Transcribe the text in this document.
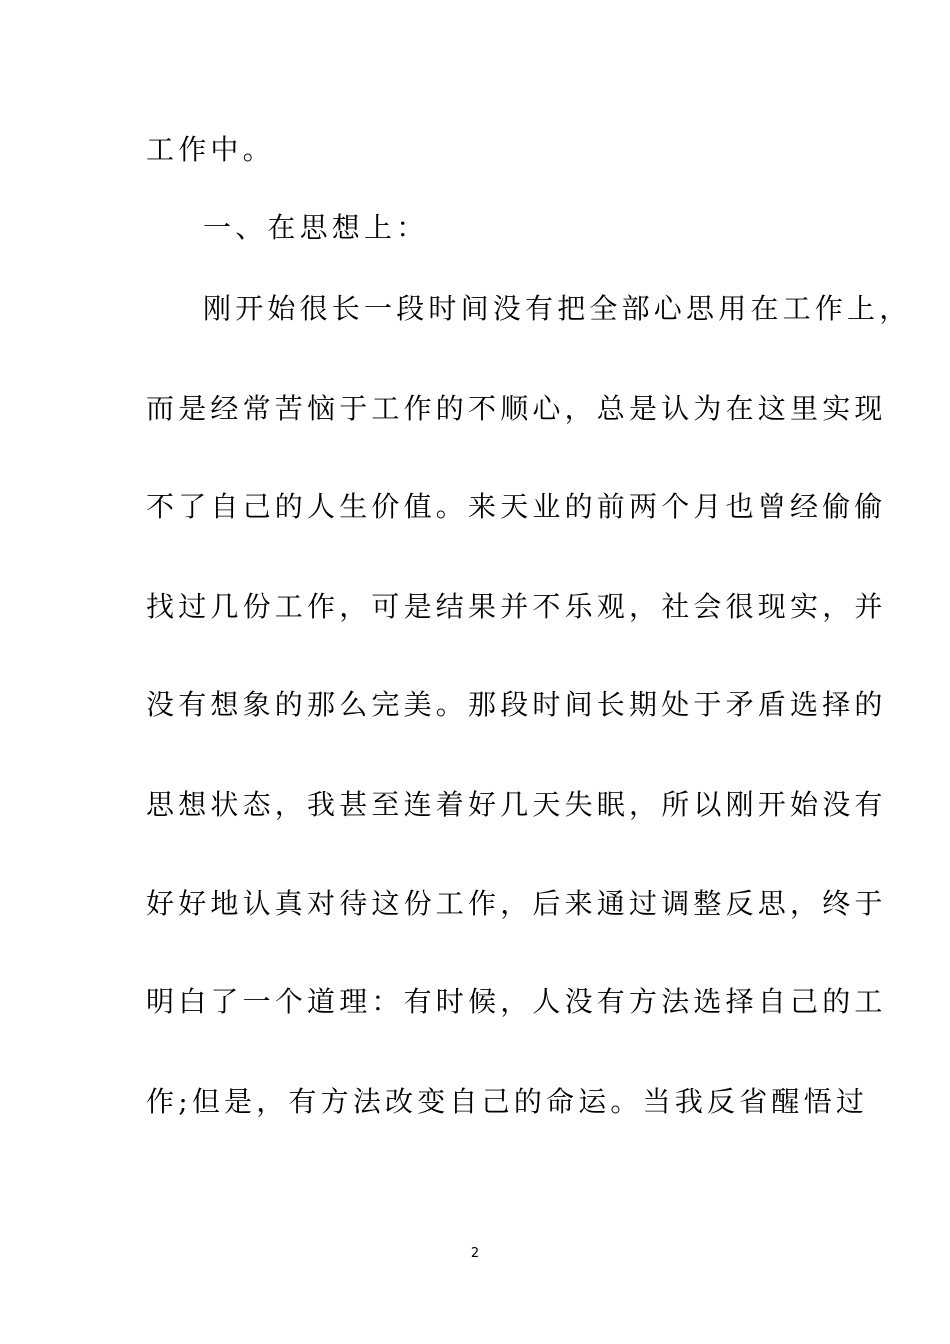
工作中。
一、在思想上：
刚开始很长一段时间没有把全部心思用在工作上，
而是经常苦恼于工作的不顺心，总是认为在这里实现
不了自己的人生价值。来天业的前两个月也曾经偷偷
找过几份工作，可是结果并不乐观，社会很现实，并
没有想象的那么完美。那段时间长期处于矛盾选择的
思想状态，我甚至连着好几天失眠，所以刚开始没有
好好地认真对待这份工作，后来通过调整反思，终于
明白了一个道理：有时候，人没有方法选择自己的工
作;但是，有方法改变自己的命运。当我反省醒悟过
2
